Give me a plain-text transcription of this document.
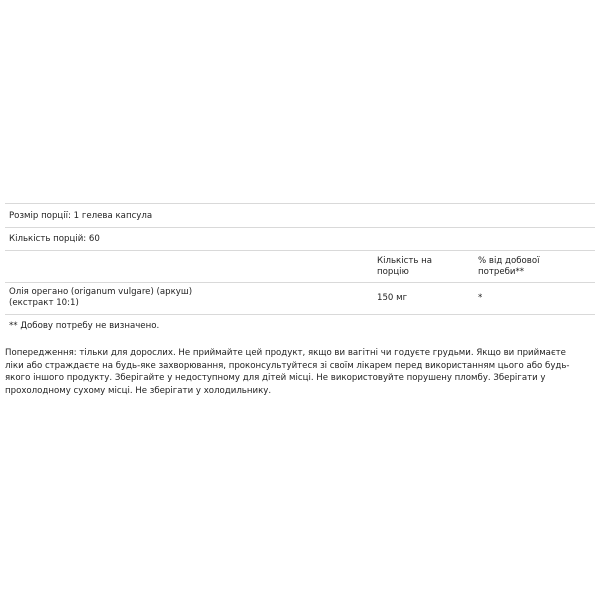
Розмір порції: 1 гелева капсула
Кількість порцій: 60
Кількість на
порцію
% від добової
потреби**
Олія орегано (origanum vulgare) (аркуш)
(екстракт 10:1)	150 мг	*
** Добову потребу не визначено.
Попередження: тільки для дорослих. Не приймайте цей продукт, якщо ви вагітні чи годуєте грудьми. Якщо ви приймаєте
ліки або страждаєте на будь-яке захворювання, проконсультуйтеся зі своїм лікарем перед використанням цього або будь-
якого іншого продукту. Зберігайте у недоступному для дітей місці. Не використовуйте порушену пломбу. Зберігати у
прохолодному сухому місці. Не зберігати у холодильнику.
